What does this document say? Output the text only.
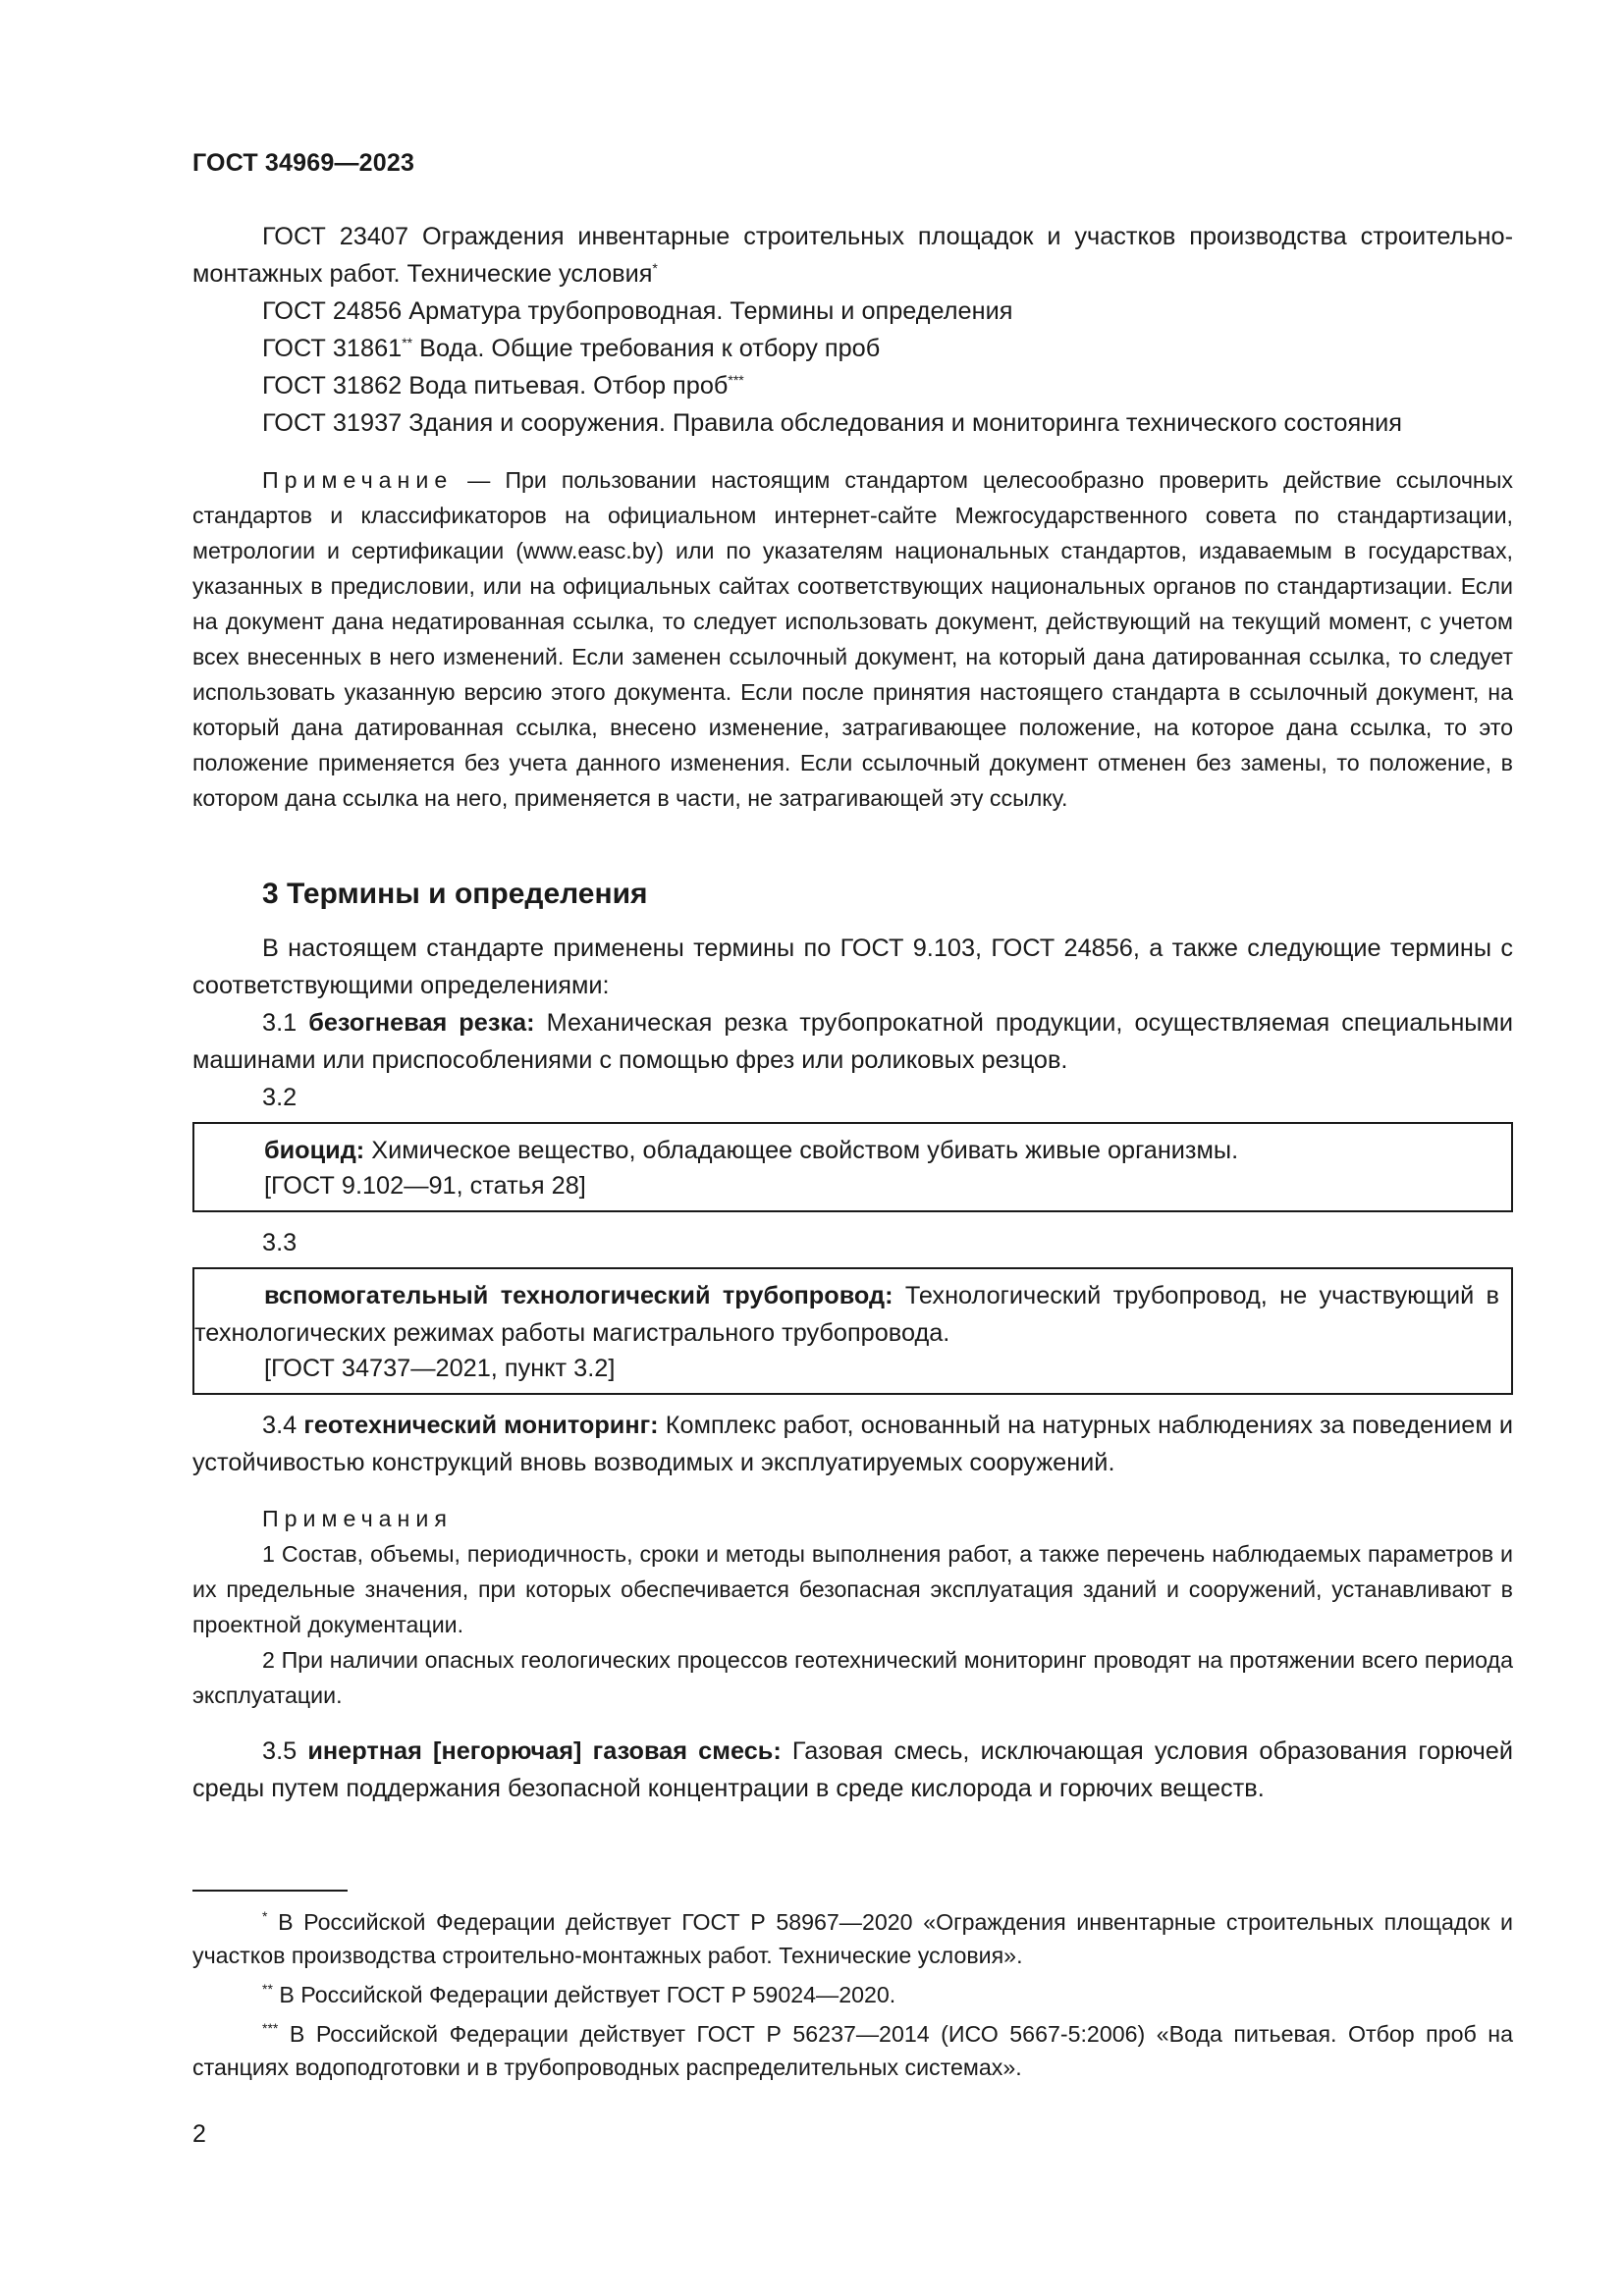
ГОСТ 34969—2023

ГОСТ 23407 Ограждения инвентарные строительных площадок и участков производства строительно-монтажных работ. Технические условия*

ГОСТ 24856 Арматура трубопроводная. Термины и определения

ГОСТ 31861** Вода. Общие требования к отбору проб

ГОСТ 31862 Вода питьевая. Отбор проб***

ГОСТ 31937 Здания и сооружения. Правила обследования и мониторинга технического состояния

Примечание — При пользовании настоящим стандартом целесообразно проверить действие ссылочных стандартов и классификаторов на официальном интернет-сайте Межгосударственного совета по стандартизации, метрологии и сертификации (www.easc.by) или по указателям национальных стандартов, издаваемым в государствах, указанных в предисловии, или на официальных сайтах соответствующих национальных органов по стандартизации. Если на документ дана недатированная ссылка, то следует использовать документ, действующий на текущий момент, с учетом всех внесенных в него изменений. Если заменен ссылочный документ, на который дана датированная ссылка, то следует использовать указанную версию этого документа. Если после принятия настоящего стандарта в ссылочный документ, на который дана датированная ссылка, внесено изменение, затрагивающее положение, на которое дана ссылка, то это положение применяется без учета данного изменения. Если ссылочный документ отменен без замены, то положение, в котором дана ссылка на него, применяется в части, не затрагивающей эту ссылку.

3 Термины и определения

В настоящем стандарте применены термины по ГОСТ 9.103, ГОСТ 24856, а также следующие термины с соответствующими определениями:

3.1 безогневая резка: Механическая резка трубопрокатной продукции, осуществляемая специальными машинами или приспособлениями с помощью фрез или роликовых резцов.

3.2

биоцид: Химическое вещество, обладающее свойством убивать живые организмы.

[ГОСТ 9.102—91, статья 28]
3.3

вспомогательный технологический трубопровод: Технологический трубопровод, не участвующий в технологических режимах работы магистрального трубопровода.

[ГОСТ 34737—2021, пункт 3.2]

3.4 геотехнический мониторинг: Комплекс работ, основанный на натурных наблюдениях за поведением и устойчивостью конструкций вновь возводимых и эксплуатируемых сооружений.

Примечания

1 Состав, объемы, периодичность, сроки и методы выполнения работ, а также перечень наблюдаемых параметров и их предельные значения, при которых обеспечивается безопасная эксплуатация зданий и сооружений, устанавливают в проектной документации.

2 При наличии опасных геологических процессов геотехнический мониторинг проводят на протяжении всего периода эксплуатации.

3.5 инертная [негорючая] газовая смесь: Газовая смесь, исключающая условия образования горючей среды путем поддержания безопасной концентрации в среде кислорода и горючих веществ.

* В Российской Федерации действует ГОСТ Р 58967—2020 «Ограждения инвентарные строительных площадок и участков производства строительно-монтажных работ. Технические условия».

** В Российской Федерации действует ГОСТ Р 59024—2020.

*** В Российской Федерации действует ГОСТ Р 56237—2014 (ИСО 5667-5:2006) «Вода питьевая. Отбор проб на станциях водоподготовки и в трубопроводных распределительных системах».

2
